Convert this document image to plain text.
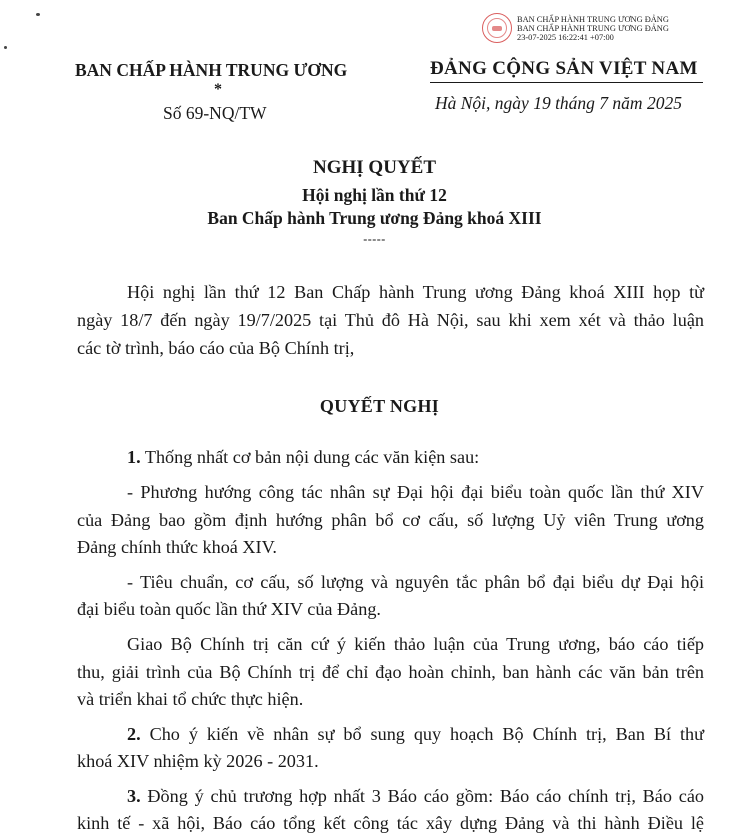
BAN CHẤP HÀNH TRUNG ƯƠNG ĐẢNG
BAN CHẤP HÀNH TRUNG ƯƠNG ĐẢNG
23-07-2025 16:22:41 +07:00
BAN CHẤP HÀNH TRUNG ƯƠNG
*
Số 69-NQ/TW
ĐẢNG CỘNG SẢN VIỆT NAM
Hà Nội, ngày 19 tháng 7 năm 2025
NGHỊ QUYẾT
Hội nghị lần thứ 12
Ban Chấp hành Trung ương Đảng khoá XIII
-----
Hội nghị lần thứ 12 Ban Chấp hành Trung ương Đảng khoá XIII họp từ
ngày 18/7 đến ngày 19/7/2025 tại Thủ đô Hà Nội, sau khi xem xét và thảo luận
các tờ trình, báo cáo của Bộ Chính trị,
QUYẾT NGHỊ
1. Thống nhất cơ bản nội dung các văn kiện sau:
- Phương hướng công tác nhân sự Đại hội đại biểu toàn quốc lần thứ XIV
của Đảng bao gồm định hướng phân bổ cơ cấu, số lượng Uỷ viên Trung ương
Đảng chính thức khoá XIV.
- Tiêu chuẩn, cơ cấu, số lượng và nguyên tắc phân bổ đại biểu dự Đại hội
đại biểu toàn quốc lần thứ XIV của Đảng.
Giao Bộ Chính trị căn cứ ý kiến thảo luận của Trung ương, báo cáo tiếp
thu, giải trình của Bộ Chính trị để chỉ đạo hoàn chỉnh, ban hành các văn bản trên
và triển khai tổ chức thực hiện.
2. Cho ý kiến về nhân sự bổ sung quy hoạch Bộ Chính trị, Ban Bí thư
khoá XIV nhiệm kỳ 2026 - 2031.
3. Đồng ý chủ trương hợp nhất 3 Báo cáo gồm: Báo cáo chính trị, Báo cáo
kinh tế - xã hội, Báo cáo tổng kết công tác xây dựng Đảng và thi hành Điều lệ
